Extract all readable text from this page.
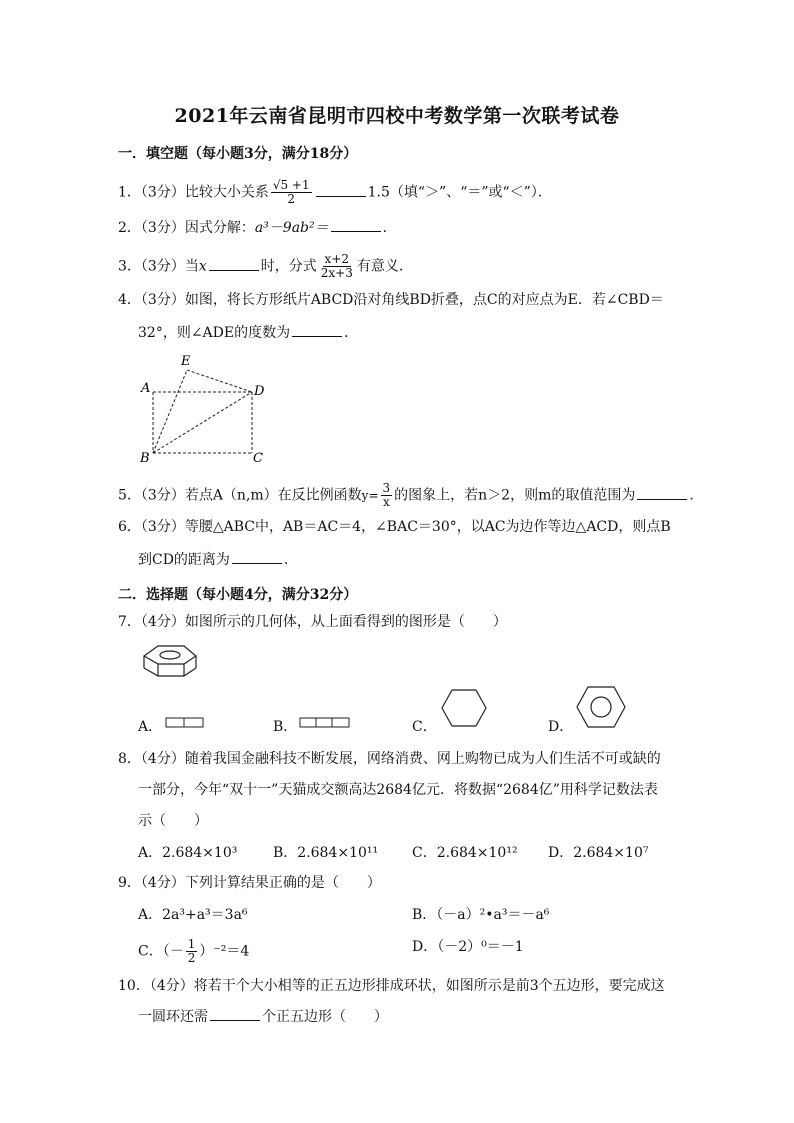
2021年云南省昆明市四校中考数学第一次联考试卷
一．填空题（每小题3分，满分18分）
1．（3分）比较大小关系 $\frac{√5 +1}{2}$	1.5（填“＞”、“＝”或“＜”）．
2．（3分）因式分解：a³－9ab²＝	．
3．（3分）当x	时，分式 $\frac{x+2}{2x+3}$ 有意义．
4．（3分）如图，将长方形纸片ABCD沿对角线BD折叠，点C的对应点为E．若∠CBD＝
32°，则∠ADE的度数为	．
E
A	D
B	C
5．（3分）若点A（n,m）在反比例函数$y= \frac{3}{x}$ 的图象上，若n＞2，则m的取值范围为	．
6．（3分）等腰△ABC中，AB＝AC＝4，∠BAC＝30°，以AC为边作等边△ACD，则点B
到CD的距离为	．
二．选择题（每小题4分，满分32分）
7．（4分）如图所示的几何体，从上面看得到的图形是（　　）
A．	B．	C．	D．
8．（4分）随着我国金融科技不断发展，网络消费、网上购物已成为人们生活不可或缺的
一部分，今年“双十一”天猫成交额高达2684亿元．将数据“2684亿”用科学记数法表
示（　　）
A．2.684×10³	B．2.684×10¹¹ C．2.684×10¹² D．2.684×10⁷
9．（4分）下列计算结果正确的是（　　）
A．2a³+a³＝3a⁶	B．（－a）²•a³＝－a⁶
C．（－ $\frac{1}{2} )^{-2}=4$	D．（－2）⁰＝－1
10．（4分）将若干个大小相等的正五边形排成环状，如图所示是前3个五边形，要完成这
一圆环还需	个正五边形（　　）
